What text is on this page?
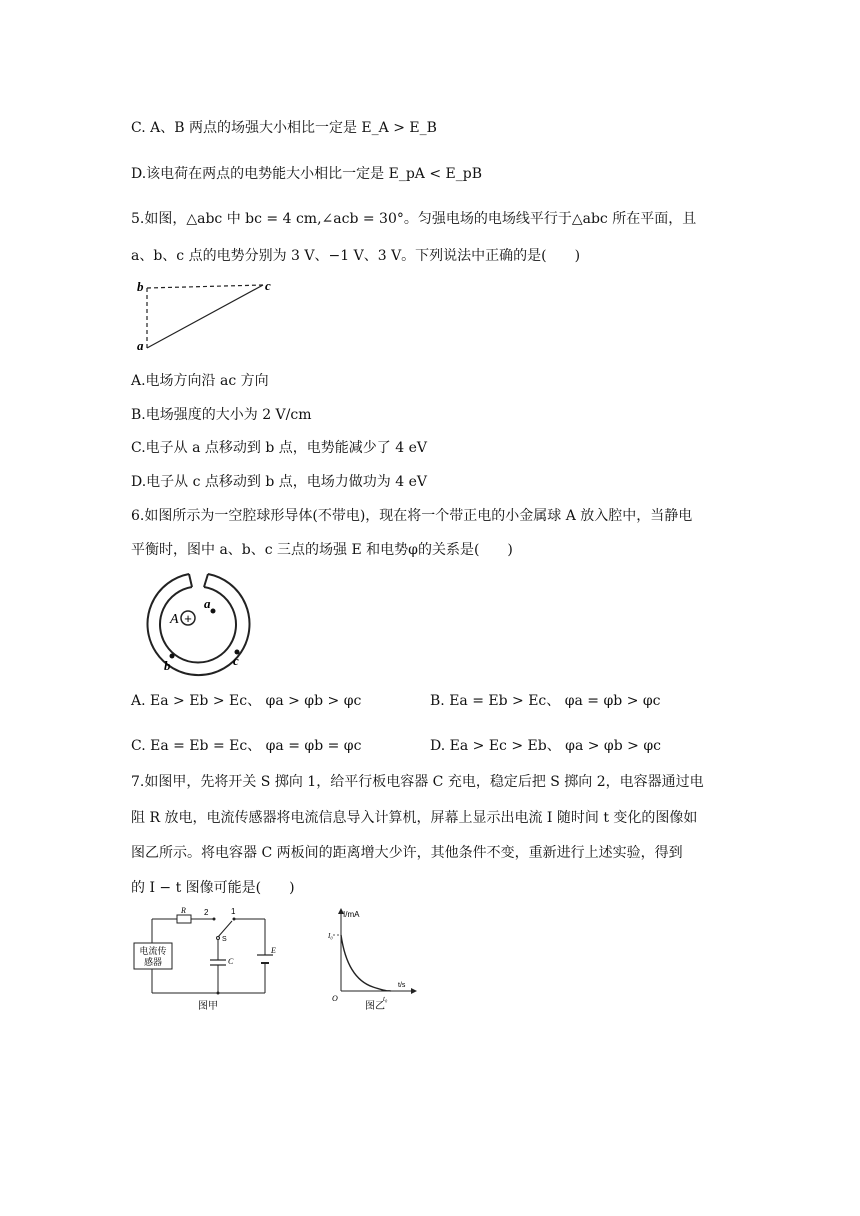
C. A、B 两点的场强大小相比一定是 E_A > E_B
D.该电荷在两点的电势能大小相比一定是 E_pA < E_pB
5.如图，△abc 中 bc = 4 cm,∠acb = 30°。匀强电场的电场线平行于△abc 所在平面，且
a、b、c 点的电势分别为 3 V、−1 V、3 V。下列说法中正确的是(　　)
b	c
a
A.电场方向沿 ac 方向
B.电场强度的大小为 2 V/cm
C.电子从 a 点移动到 b 点，电势能减少了 4 eV
D.电子从 c 点移动到 b 点，电场力做功为 4 eV
6.如图所示为一空腔球形导体(不带电)，现在将一个带正电的小金属球 A 放入腔中，当静电
平衡时，图中 a、b、c 三点的场强 E 和电势φ的关系是(　　)
+
A
a
b	c
A. Ea > Eb > Ec、 φa > φb > φc	B. Ea = Eb > Ec、 φa = φb > φc
C. Ea = Eb = Ec、 φa = φb = φc	D. Ea > Ec > Eb、 φa > φb > φc
7.如图甲，先将开关 S 掷向 1，给平行板电容器 C 充电，稳定后把 S 掷向 2，电容器通过电
阻 R 放电，电流传感器将电流信息导入计算机，屏幕上显示出电流 I 随时间 t 变化的图像如
图乙所示。将电容器 C 两板间的距离增大少许，其他条件不变，重新进行上述实验，得到
的 I − t 图像可能是(　　)
电流传
感器
R 2	1
S
C
E
图甲
I/mA
t/s
I₀
O	t₀
图乙
